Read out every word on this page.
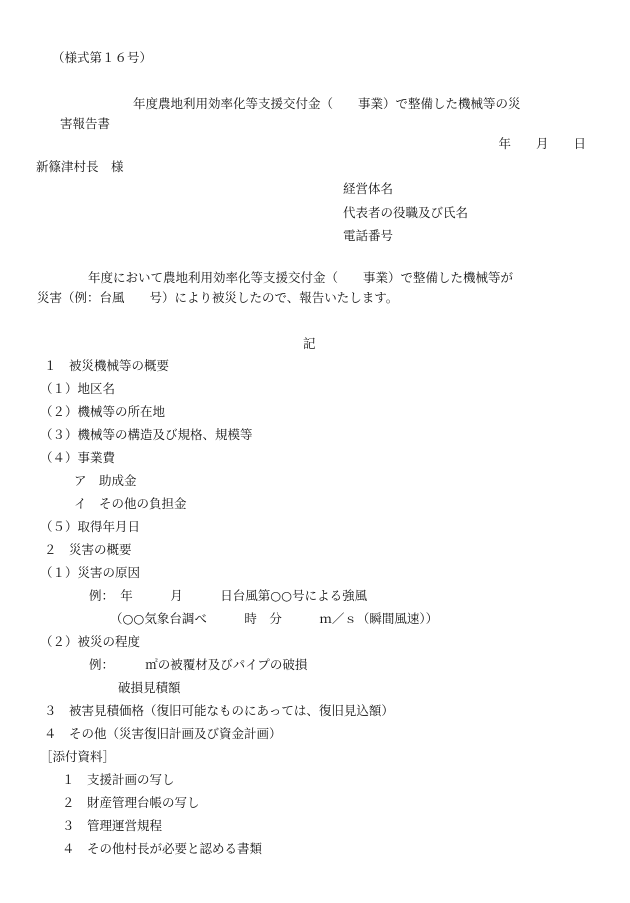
（様式第１６号）
年度農地利用効率化等支援交付金（　　事業）で整備した機械等の災
害報告書
年　　月　　日
新篠津村長　様
経営体名
代表者の役職及び氏名
電話番号
年度において農地利用効率化等支援交付金（　　事業）で整備した機械等が
災害（例：台風　　号）により被災したので、報告いたします。
記
１　被災機械等の概要
（１）地区名
（２）機械等の所在地
（３）機械等の構造及び規格、規模等
（４）事業費
ア　助成金
イ　その他の負担金
（５）取得年月日
２　災害の概要
（１）災害の原因
例：　年　　　月　　　日台風第○○号による強風
（○○気象台調べ　　　時　分　　　ｍ／ｓ（瞬間風速））
（２）被災の程度
例：　　　㎡の被覆材及びパイプの破損
破損見積額
３　被害見積価格（復旧可能なものにあっては、復旧見込額）
４　その他（災害復旧計画及び資金計画）
［添付資料］
１　支援計画の写し
２　財産管理台帳の写し
３　管理運営規程
４　その他村長が必要と認める書類
